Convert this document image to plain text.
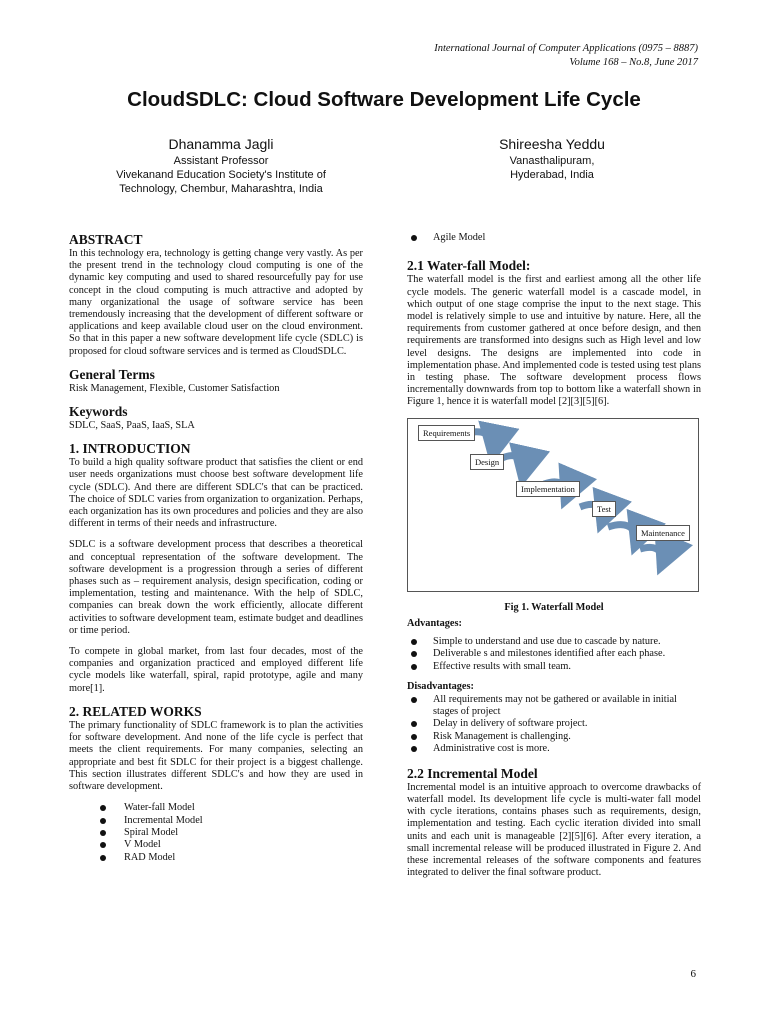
International Journal of Computer Applications (0975 – 8887)
Volume 168 – No.8, June 2017
CloudSDLC: Cloud Software Development Life Cycle
Dhanamma Jagli
Assistant Professor
Vivekanand Education Society's Institute of
Technology, Chembur, Maharashtra, India
Shireesha Yeddu
Vanasthalipuram,
Hyderabad, India
ABSTRACT

In this technology era, technology is getting change very vastly. As per the present trend in the technology cloud computing is one of the dynamic key computing and used to shared resourcefully pay for use concept in the cloud computing is much attractive and adopted by many organizational the usage of software service has been tremendously increasing that the development of different software or applications and keep available cloud user on the cloud environment. So that in this paper a new software development life cycle (SDLC) is proposed for cloud software services and is termed as CloudSDLC.

General Terms

Risk Management, Flexible, Customer Satisfaction

Keywords

SDLC, SaaS, PaaS, IaaS, SLA

1. INTRODUCTION

To build a high quality software product that satisfies the client or end user needs organizations must choose best software development life cycle (SDLC). And there are different SDLC's that can be practiced. The choice of SDLC varies from organization to organization. Perhaps, each organization has its own procedures and policies and they are also different in terms of their needs and infrastructure.

SDLC is a software development process that describes a theoretical and conceptual representation of the software development. The software development is a progression through a series of different phases such as – requirement analysis, design specification, coding or implementation, testing and maintenance. With the help of SDLC, companies can break down the work efficiently, allocate different activities to software development team, estimate budget and deadlines or time period.

To compete in global market, from last four decades, most of the companies and organization practiced and employed different life cycle models like waterfall, spiral, rapid prototype, agile and many more[1].

2. RELATED WORKS

The primary functionality of SDLC framework is to plan the activities for software development. And none of the life cycle is perfect that meets the client requirements. For many companies, selecting an appropriate and best fit SDLC for their project is a biggest challenge. This section illustrates different SDLC's and how they are used in software development.

Water-fall Model
Incremental Model
Spiral Model
V Model
RAD Model
Agile Model
2.1 Water-fall Model:

The waterfall model is the first and earliest among all the other life cycle models. The generic waterfall model is a cascade model, in which output of one stage comprise the input to the next stage. This model is relatively simple to use and intuitive by nature. Here, all the requirements from customer gathered at once before design, and then requirements are transformed into designs such as High level and low level designs. The designs are implemented into code in implementation phase. And implemented code is tested using test plans in testing phase. The software development process flows incrementally downwards from top to bottom like a waterfall shown in Figure 1, hence it is waterfall model [2][3][5][6].

Requirements
Design
Implementation
Test
Maintenance
Fig 1. Waterfall Model
Advantages:
Simple to understand and use due to cascade by nature.
Deliverable s and milestones identified after each phase.
Effective results with small team.
Disadvantages:
All requirements may not be gathered or available in initial stages of project
Delay in delivery of software project.
Risk Management is challenging.
Administrative cost is more.
2.2 Incremental Model

Incremental model is an intuitive approach to overcome drawbacks of waterfall model. Its development life cycle is multi-water fall model with cycle iterations, contains phases such as requirements, design, implementation and testing. Each cyclic iteration divided into small units and each unit is manageable [2][5][6]. After every iteration, a small incremental release will be produced illustrated in Figure 2. And these incremental releases of the software components and features integrated to deliver the final software product.

6
